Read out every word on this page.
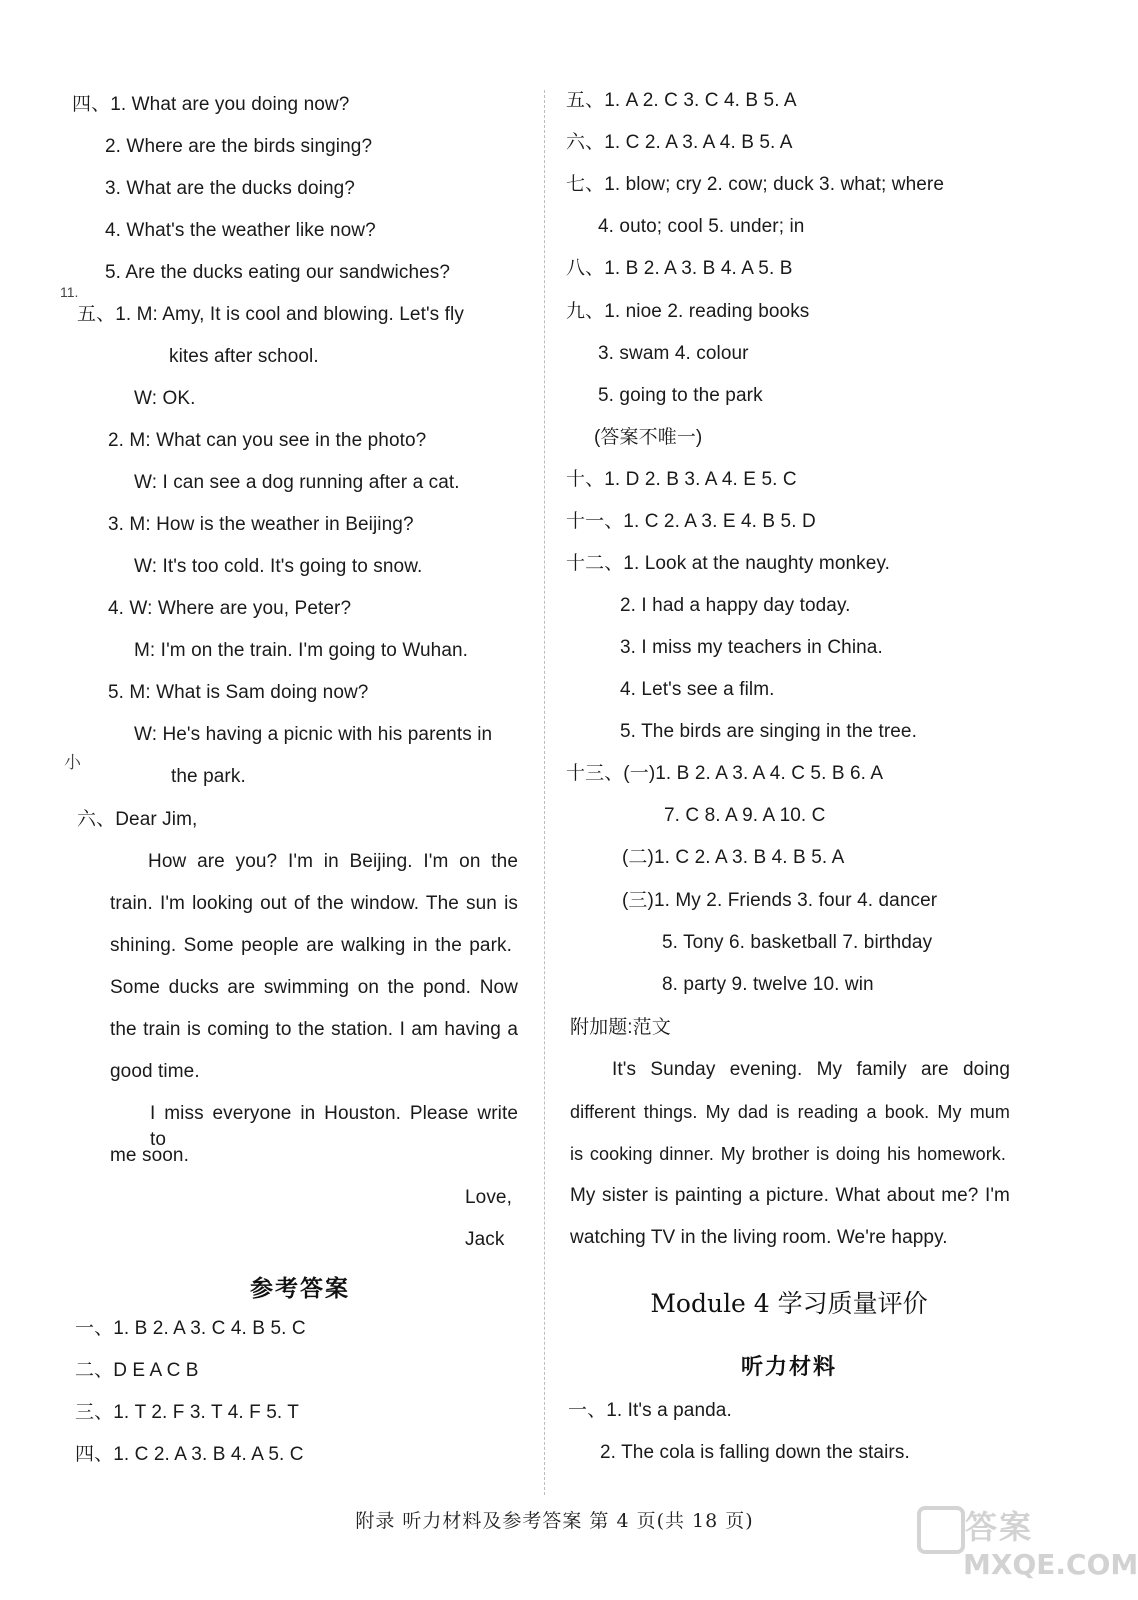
四、1. What are you doing now?
2. Where are the birds singing?
3. What are the ducks doing?
4. What's the weather like now?
5. Are the ducks eating our sandwiches?
五、1. M: Amy, It is cool and blowing. Let's fly
kites after school.
W: OK.
2. M: What can you see in the photo?
W: I can see a dog running after a cat.
3. M: How is the weather in Beijing?
W: It's too cold. It's going to snow.
4. W: Where are you, Peter?
M: I'm on the train. I'm going to Wuhan.
5. M: What is Sam doing now?
W: He's having a picnic with his parents in
the park.
六、Dear Jim,
How are you? I'm in Beijing. I'm on the
train. I'm looking out of the window. The sun is
shining. Some people are walking in the park.
Some ducks are swimming on the pond. Now
the train is coming to the station. I am having a
good time.
I miss everyone in Houston. Please write to
me soon.
Love,
Jack
参考答案
一、1. B 2. A 3. C 4. B 5. C
二、D E A C B
三、1. T 2. F 3. T 4. F 5. T
四、1. C 2. A 3. B 4. A 5. C
五、1. A 2. C 3. C 4. B 5. A
六、1. C 2. A 3. A 4. B 5. A
七、1. blow; cry 2. cow; duck 3. what; where
4. outo; cool 5. under; in
八、1. B 2. A 3. B 4. A 5. B
九、1. nioe 2. reading books
3. swam 4. colour
5. going to the park
(答案不唯一)
十、1. D 2. B 3. A 4. E 5. C
十一、1. C 2. A 3. E 4. B 5. D
十二、1. Look at the naughty monkey.
2. I had a happy day today.
3. I miss my teachers in China.
4. Let's see a film.
5. The birds are singing in the tree.
十三、(一)1. B 2. A 3. A 4. C 5. B 6. A
7. C 8. A 9. A 10. C
(二)1. C 2. A 3. B 4. B 5. A
(三)1. My 2. Friends 3. four 4. dancer
5. Tony 6. basketball 7. birthday
8. party 9. twelve 10. win
附加题:范文
It's Sunday evening. My family are doing
different things. My dad is reading a book. My mum
is cooking dinner. My brother is doing his homework.
My sister is painting a picture. What about me? I'm
watching TV in the living room. We're happy.
Module 4 学习质量评价
听力材料
一、1. It's a panda.
2. The cola is falling down the stairs.
11.
小
附录 听力材料及参考答案 第 4 页(共 18 页)	答案
MXQE.COM
